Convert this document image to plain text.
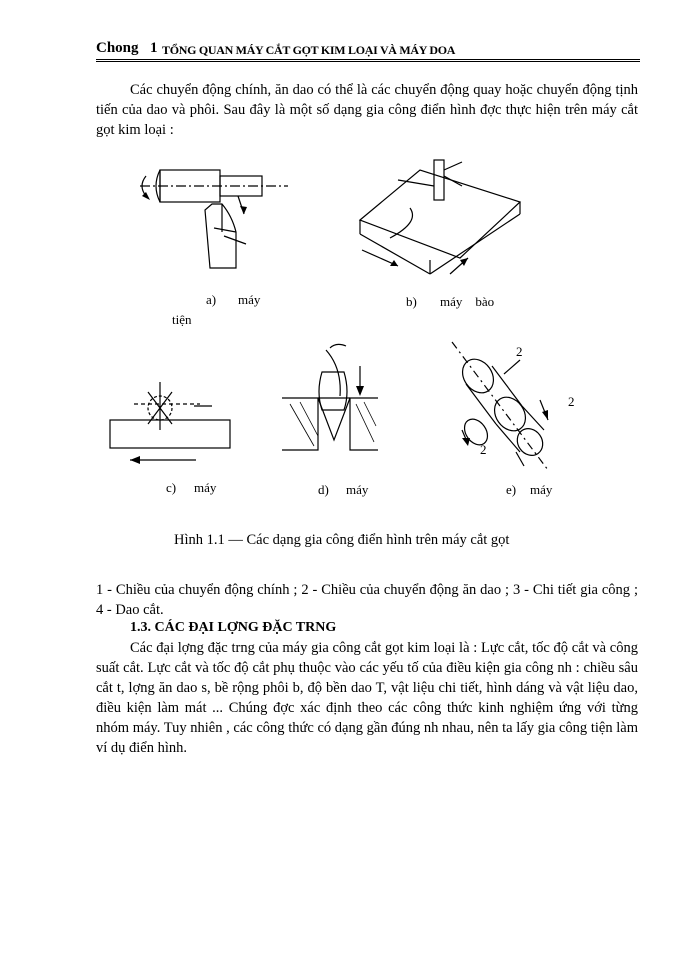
Chong 1 TỔNG QUAN MÁY CẮT GỌT KIM LOẠI VÀ MÁY DOA
Các chuyển động chính, ăn dao có thể là các chuyển động quay hoặc chuyển động tịnh tiến của dao và phôi. Sau đây là một số dạng gia công điển hình đợc thực hiện trên máy cắt gọt kim loại :
a) máy
tiện
b) máy    bào
2
2
2
c) máy	d) máy	e) máy
Hình 1.1 — Các dạng gia công điển hình trên máy cắt gọt
1 - Chiều của chuyển động chính ; 2 - Chiều của chuyển động ăn dao ; 3 - Chi tiết gia công ; 4 - Dao cắt.
1.3. CÁC ĐẠI LỢNG ĐẶC TRNG
Các đại lợng đặc trng của máy gia công cắt gọt kim loại là : Lực cắt, tốc độ cắt và công suất cắt. Lực cắt và tốc độ cắt phụ thuộc vào các yếu tố của điều kiện gia công nh : chiều sâu cắt t, lợng ăn dao s, bề rộng phôi b, độ bền dao T, vật liệu chi tiết, hình dáng và vật liệu dao, điều kiện làm mát ... Chúng đợc xác định theo các công thức kinh nghiệm ứng với từng nhóm máy. Tuy nhiên , các công thức có dạng gần đúng nh nhau, nên ta lấy gia công tiện làm ví dụ điển hình.
